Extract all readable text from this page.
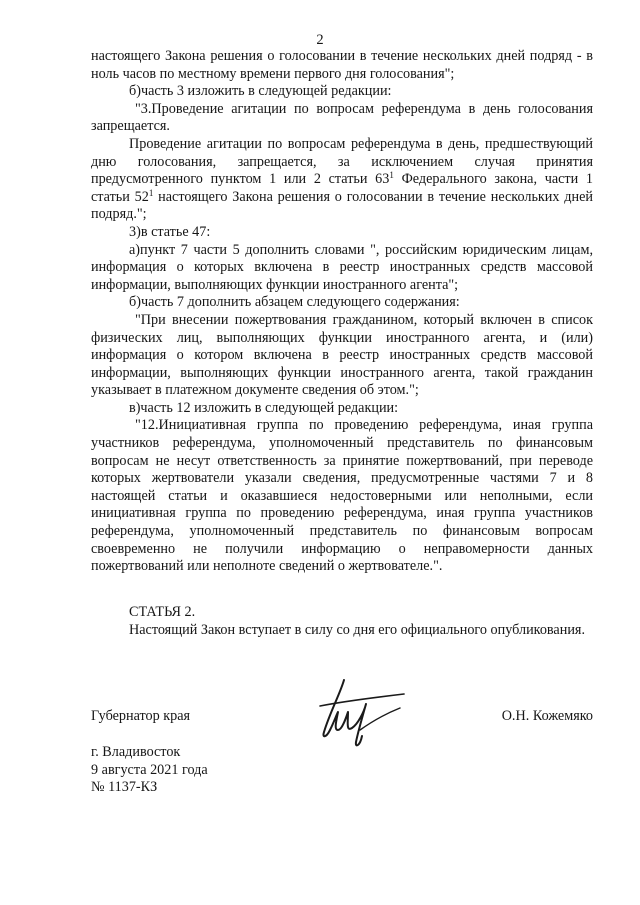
2

настоящего Закона решения о голосовании в течение нескольких дней подряд - в ноль часов по местному времени первого дня голосования";

б)часть 3 изложить в следующей редакции:

"3.Проведение агитации по вопросам референдума в день голосования запрещается.

Проведение агитации по вопросам референдума в день, предшествующий дню голосования, запрещается, за исключением случая принятия предусмотренного пунктом 1 или 2 статьи $63^1$ Федерального закона, части 1 статьи $52^1$ настоящего Закона решения о голосовании в течение нескольких дней подряд.";

3)в статье 47:

а)пункт 7 части 5 дополнить словами ", российским юридическим лицам, информация о которых включена в реестр иностранных средств массовой информации, выполняющих функции иностранного агента";

б)часть 7 дополнить абзацем следующего содержания:

"При внесении пожертвования гражданином, который включен в список физических лиц, выполняющих функции иностранного агента, и (или) информация о котором включена в реестр иностранных средств массовой информации, выполняющих функции иностранного агента, такой гражданин указывает в платежном документе сведения об этом.";

в)часть 12 изложить в следующей редакции:

"12.Инициативная группа по проведению референдума, иная группа участников референдума, уполномоченный представитель по финансовым вопросам не несут ответственность за принятие пожертвований, при переводе которых жертвователи указали сведения, предусмотренные частями 7 и 8 настоящей статьи и оказавшиеся недостоверными или неполными, если инициативная группа по проведению референдума, иная группа участников референдума, уполномоченный представитель по финансовым вопросам своевременно не получили информацию о неправомерности данных пожертвований или неполноте сведений о жертвователе.".

СТАТЬЯ 2.

Настоящий Закон вступает в силу со дня его официального опубликования.

Губернатор края	О.Н. Кожемяко
г. Владивосток
9 августа 2021 года
№ 1137-КЗ
